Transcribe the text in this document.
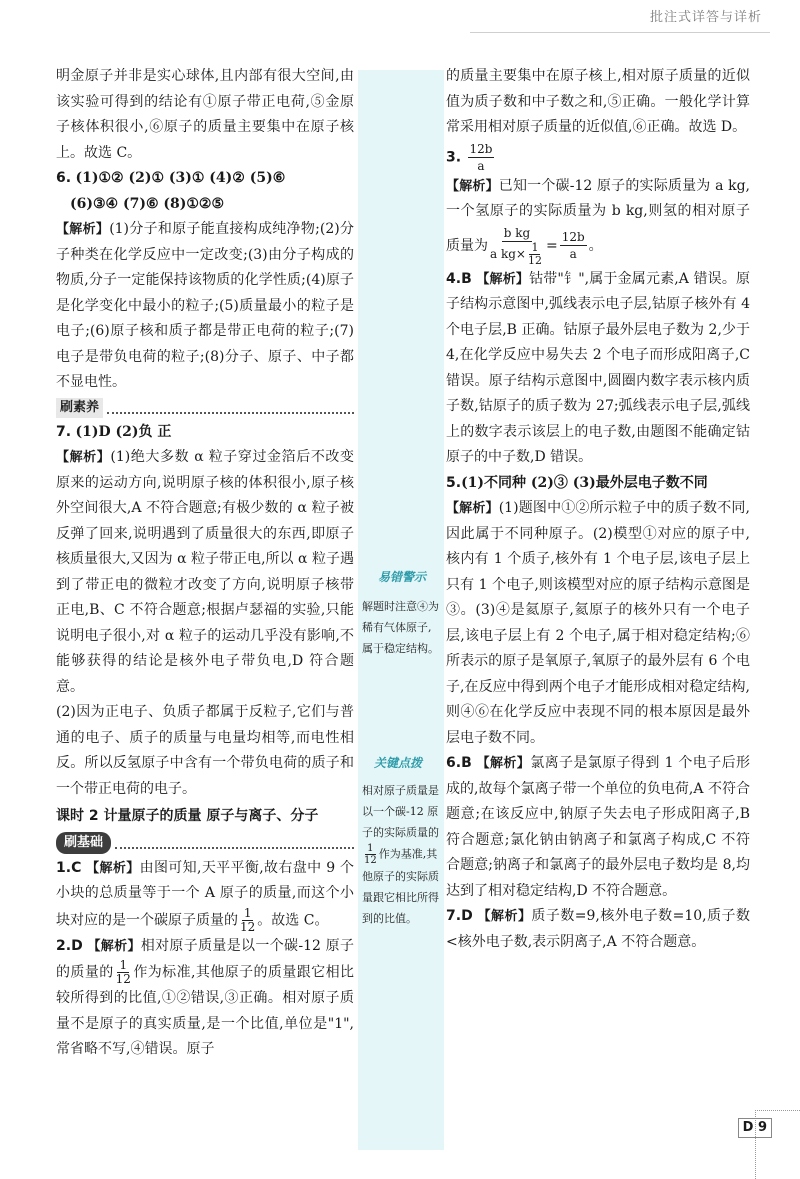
批注式详答与详析

明金原子并非是实心球体,且内部有很大空间,由该实验可得到的结论有①原子带正电荷,⑤金原子核体积很小,⑥原子的质量主要集中在原子核上。故选 C。

6. (1)①② (2)① (3)① (4)② (5)⑥

(6)③④ (7)⑥ (8)①②⑤

【解析】(1)分子和原子能直接构成纯净物;(2)分子种类在化学反应中一定改变;(3)由分子构成的物质,分子一定能保持该物质的化学性质;(4)原子是化学变化中最小的粒子;(5)质量最小的粒子是电子;(6)原子核和质子都是带正电荷的粒子;(7)电子是带负电荷的粒子;(8)分子、原子、中子都不显电性。

刷素养

7. (1)D (2)负 正

【解析】(1)绝大多数 α 粒子穿过金箔后不改变原来的运动方向,说明原子核的体积很小,原子核外空间很大,A 不符合题意;有极少数的 α 粒子被反弹了回来,说明遇到了质量很大的东西,即原子核质量很大,又因为 α 粒子带正电,所以 α 粒子遇到了带正电的微粒才改变了方向,说明原子核带正电,B、C 不符合题意;根据卢瑟福的实验,只能说明电子很小,对 α 粒子的运动几乎没有影响,不能够获得的结论是核外电子带负电,D 符合题意。

(2)因为正电子、负质子都属于反粒子,它们与普通的电子、质子的质量与电量均相等,而电性相反。所以反氢原子中含有一个带负电荷的质子和一个带正电荷的电子。

课时 2 计量原子的质量 原子与离子、分子
刷基础

1.C 【解析】由图可知,天平平衡,故右盘中 9 个小块的总质量等于一个 A 原子的质量,而这个小块对应的是一个碳原子质量的 $\frac{1}{12}$ 。故选 C。

2.D 【解析】相对原子质量是以一个碳-12 原子的质量的 $\frac{1}{12}$ 作为标准,其他原子的质量跟它相比较所得到的比值,①②错误,③正确。相对原子质量不是原子的真实质量,是一个比值,单位是"1",常省略不写,④错误。原子

易错警示
解题时注意④为稀有气体原子,属于稳定结构。
关键点拨
相对原子质量是以一个碳-12 原子的实际质量的
$\frac{1}{12}$ 作为基准,其他原子的实际质量跟它相比所得到的比值。

的质量主要集中在原子核上,相对原子质量的近似值为质子数和中子数之和,⑤正确。一般化学计算常采用相对原子质量的近似值,⑥正确。故选 D。

3. $\frac{12b}{a}$

【解析】已知一个碳-12 原子的实际质量为 a kg,一个氢原子的实际质量为 b kg,则氢的相对原子质量为 $\frac{\text{b kg}}{a kg\times \frac{1}{12}} = \frac{12b}{a}$ 。

4.B 【解析】钴带"钅",属于金属元素,A 错误。原子结构示意图中,弧线表示电子层,钴原子核外有 4 个电子层,B 正确。钴原子最外层电子数为 2,少于 4,在化学反应中易失去 2 个电子而形成阳离子,C 错误。原子结构示意图中,圆圈内数字表示核内质子数,钴原子的质子数为 27;弧线表示电子层,弧线上的数字表示该层上的电子数,由题图不能确定钴原子的中子数,D 错误。

5.(1)不同种 (2)③ (3)最外层电子数不同

【解析】(1)题图中①②所示粒子中的质子数不同,因此属于不同种原子。(2)模型①对应的原子中,核内有 1 个质子,核外有 1 个电子层,该电子层上只有 1 个电子,则该模型对应的原子结构示意图是③。(3)④是氦原子,氦原子的核外只有一个电子层,该电子层上有 2 个电子,属于相对稳定结构;⑥所表示的原子是氧原子,氧原子的最外层有 6 个电子,在反应中得到两个电子才能形成相对稳定结构,则④⑥在化学反应中表现不同的根本原因是最外层电子数不同。

6.B 【解析】氯离子是氯原子得到 1 个电子后形成的,故每个氯离子带一个单位的负电荷,A 不符合题意;在该反应中,钠原子失去电子形成阳离子,B 符合题意;氯化钠由钠离子和氯离子构成,C 不符合题意;钠离子和氯离子的最外层电子数均是 8,均达到了相对稳定结构,D 不符合题意。

7.D 【解析】质子数=9,核外电子数=10,质子数<核外电子数,表示阴离子,A 不符合题意。

D 9
